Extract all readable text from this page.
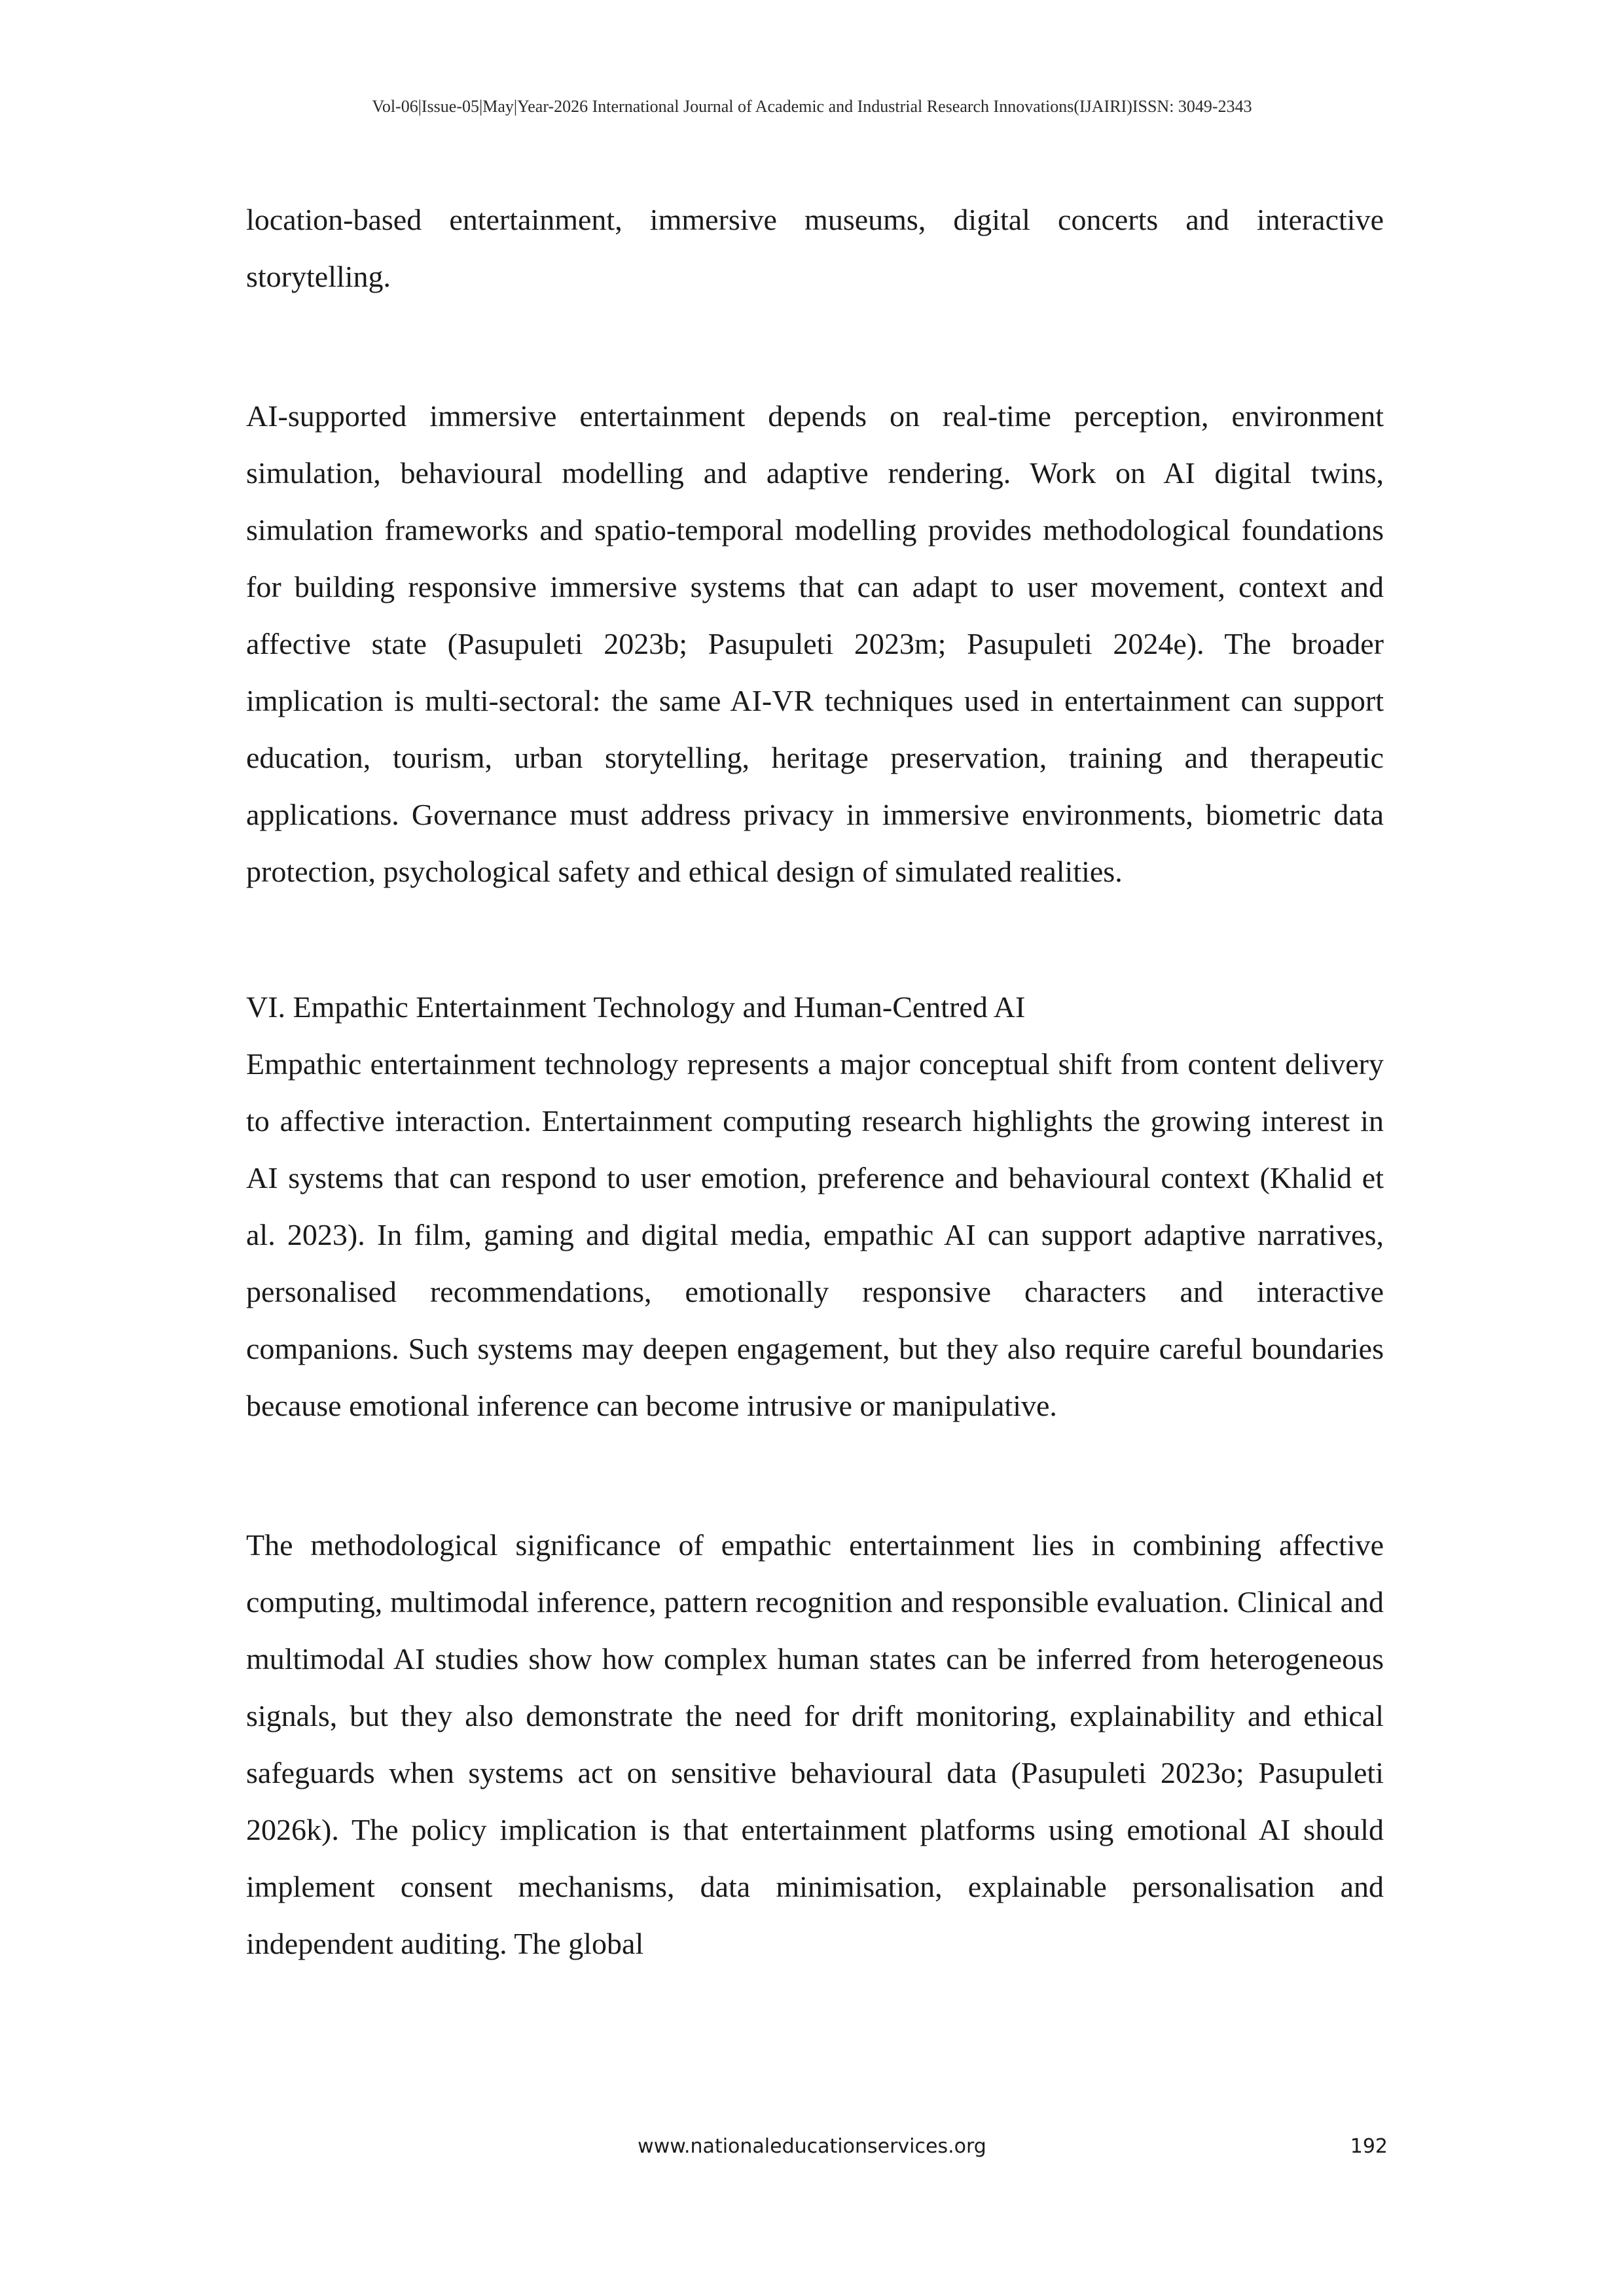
Vol-06|Issue-05|May|Year-2026 International Journal of Academic and Industrial Research Innovations(IJAIRI)ISSN: 3049-2343

location-based entertainment, immersive museums, digital concerts and interactive storytelling.

AI-supported immersive entertainment depends on real-time perception, environment simulation, behavioural modelling and adaptive rendering. Work on AI digital twins, simulation frameworks and spatio-temporal modelling provides methodological foundations for building responsive immersive systems that can adapt to user movement, context and affective state (Pasupuleti 2023b; Pasupuleti 2023m; Pasupuleti 2024e). The broader implication is multi-sectoral: the same AI-VR techniques used in entertainment can support education, tourism, urban storytelling, heritage preservation, training and therapeutic applications. Governance must address privacy in immersive environments, biometric data protection, psychological safety and ethical design of simulated realities.

VI. Empathic Entertainment Technology and Human-Centred AI

Empathic entertainment technology represents a major conceptual shift from content delivery to affective interaction. Entertainment computing research highlights the growing interest in AI systems that can respond to user emotion, preference and behavioural context (Khalid et al. 2023). In film, gaming and digital media, empathic AI can support adaptive narratives, personalised recommendations, emotionally responsive characters and interactive companions. Such systems may deepen engagement, but they also require careful boundaries because emotional inference can become intrusive or manipulative.

The methodological significance of empathic entertainment lies in combining affective computing, multimodal inference, pattern recognition and responsible evaluation. Clinical and multimodal AI studies show how complex human states can be inferred from heterogeneous signals, but they also demonstrate the need for drift monitoring, explainability and ethical safeguards when systems act on sensitive behavioural data (Pasupuleti 2023o; Pasupuleti 2026k). The policy implication is that entertainment platforms using emotional AI should implement consent mechanisms, data minimisation, explainable personalisation and independent auditing. The global

www.nationaleducationservices.org	192
